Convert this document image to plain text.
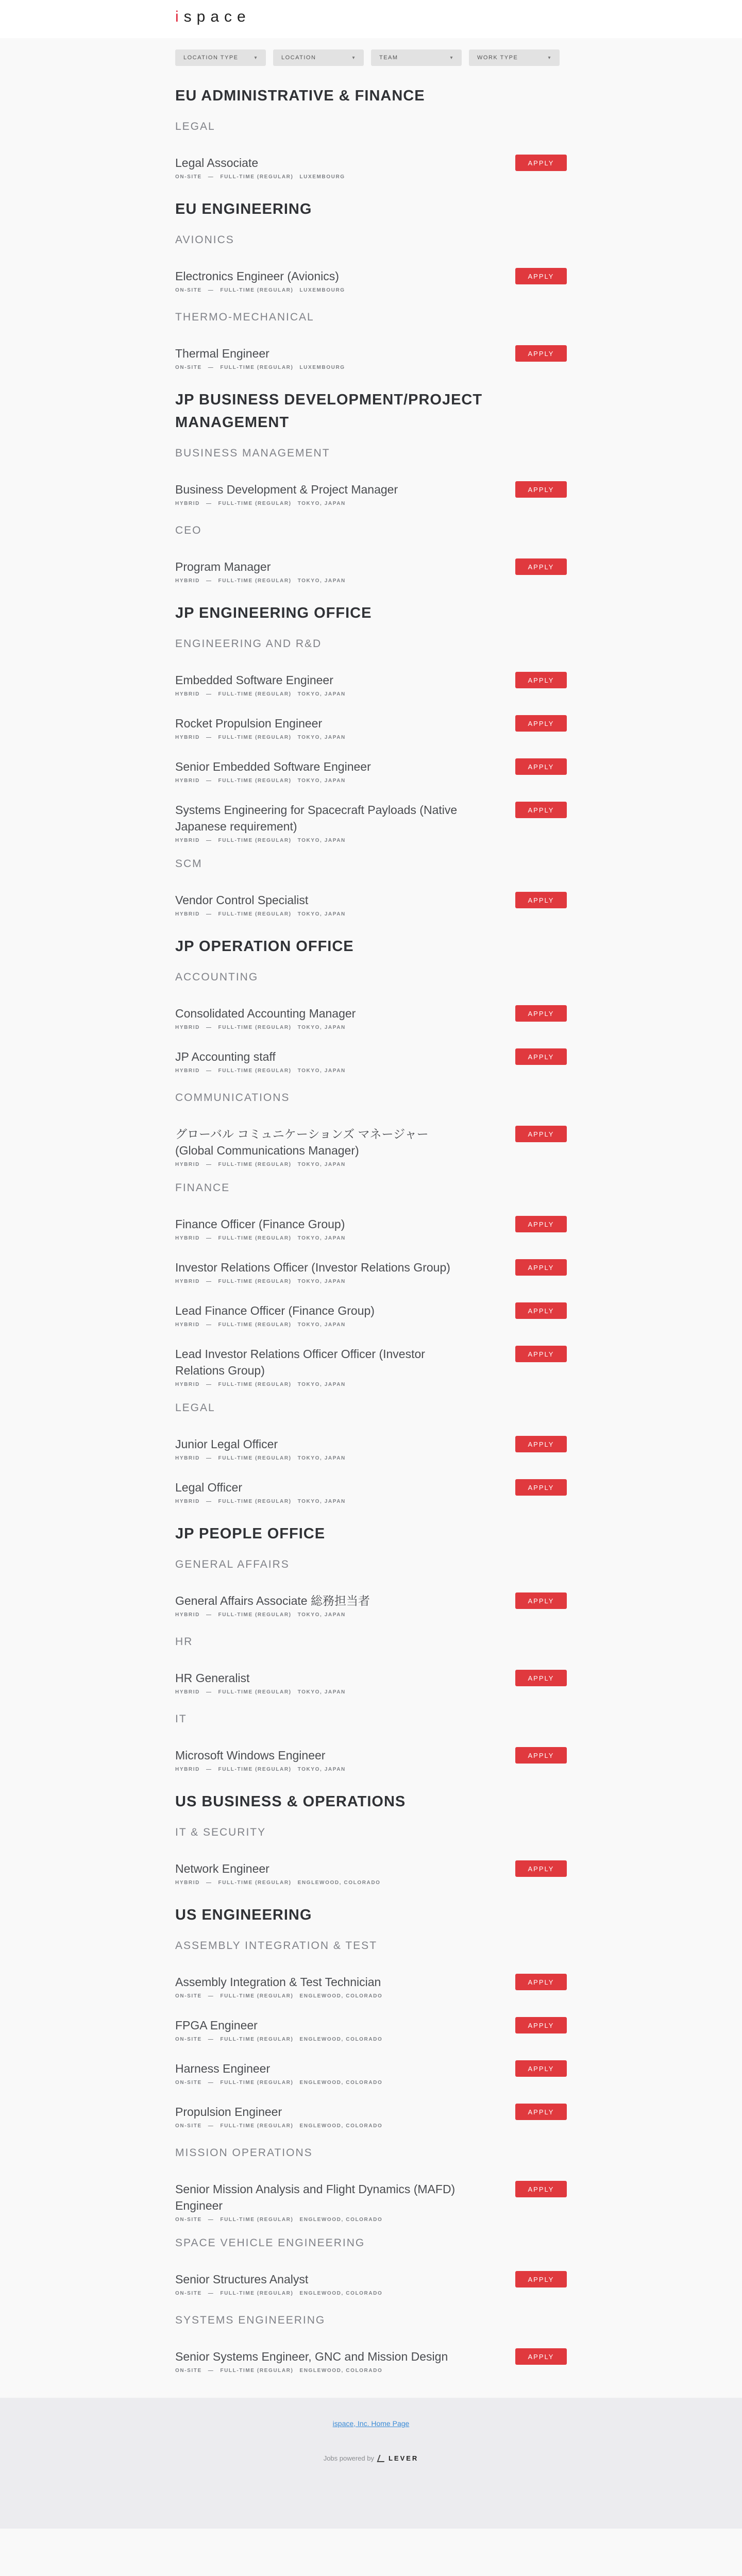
ispace
LOCATION TYPE	▾	LOCATION	▾	TEAM	▾	WORK TYPE	▾
EU ADMINISTRATIVE & FINANCE
LEGAL
Legal Associate
ON-SITE — FULL-TIME (REGULAR) LUXEMBOURG
APPLY
EU ENGINEERING
AVIONICS
Electronics Engineer (Avionics)
ON-SITE — FULL-TIME (REGULAR) LUXEMBOURG
APPLY
THERMO-MECHANICAL
Thermal Engineer
ON-SITE — FULL-TIME (REGULAR) LUXEMBOURG
APPLY
JP BUSINESS DEVELOPMENT/PROJECT MANAGEMENT
BUSINESS MANAGEMENT
Business Development & Project Manager
HYBRID — FULL-TIME (REGULAR) TOKYO, JAPAN
APPLY
CEO
Program Manager
HYBRID — FULL-TIME (REGULAR) TOKYO, JAPAN
APPLY
JP ENGINEERING OFFICE
ENGINEERING AND R&D
Embedded Software Engineer
HYBRID — FULL-TIME (REGULAR) TOKYO, JAPAN
APPLY
Rocket Propulsion Engineer
HYBRID — FULL-TIME (REGULAR) TOKYO, JAPAN
APPLY
Senior Embedded Software Engineer
HYBRID — FULL-TIME (REGULAR) TOKYO, JAPAN
APPLY
Systems Engineering for Spacecraft Payloads (Native Japanese requirement)
HYBRID — FULL-TIME (REGULAR) TOKYO, JAPAN
APPLY
SCM
Vendor Control Specialist
HYBRID — FULL-TIME (REGULAR) TOKYO, JAPAN
APPLY
JP OPERATION OFFICE
ACCOUNTING
Consolidated Accounting Manager
HYBRID — FULL-TIME (REGULAR) TOKYO, JAPAN
APPLY
JP Accounting staff
HYBRID — FULL-TIME (REGULAR) TOKYO, JAPAN
APPLY
COMMUNICATIONS
グローバル コミュニケーションズ マネージャー (Global Communications Manager)
HYBRID — FULL-TIME (REGULAR) TOKYO, JAPAN
APPLY
FINANCE
Finance Officer (Finance Group)
HYBRID — FULL-TIME (REGULAR) TOKYO, JAPAN
APPLY
Investor Relations Officer (Investor Relations Group)
HYBRID — FULL-TIME (REGULAR) TOKYO, JAPAN
APPLY
Lead Finance Officer (Finance Group)
HYBRID — FULL-TIME (REGULAR) TOKYO, JAPAN
APPLY
Lead Investor Relations Officer Officer (Investor Relations Group)
HYBRID — FULL-TIME (REGULAR) TOKYO, JAPAN
APPLY
LEGAL
Junior Legal Officer
HYBRID — FULL-TIME (REGULAR) TOKYO, JAPAN
APPLY
Legal Officer
HYBRID — FULL-TIME (REGULAR) TOKYO, JAPAN
APPLY
JP PEOPLE OFFICE
GENERAL AFFAIRS
General Affairs Associate 総務担当者
HYBRID — FULL-TIME (REGULAR) TOKYO, JAPAN
APPLY
HR
HR Generalist
HYBRID — FULL-TIME (REGULAR) TOKYO, JAPAN
APPLY
IT
Microsoft Windows Engineer
HYBRID — FULL-TIME (REGULAR) TOKYO, JAPAN
APPLY
US BUSINESS & OPERATIONS
IT & SECURITY
Network Engineer
HYBRID — FULL-TIME (REGULAR) ENGLEWOOD, COLORADO
APPLY
US ENGINEERING
ASSEMBLY INTEGRATION & TEST
Assembly Integration & Test Technician
ON-SITE — FULL-TIME (REGULAR) ENGLEWOOD, COLORADO
APPLY
FPGA Engineer
ON-SITE — FULL-TIME (REGULAR) ENGLEWOOD, COLORADO
APPLY
Harness Engineer
ON-SITE — FULL-TIME (REGULAR) ENGLEWOOD, COLORADO
APPLY
Propulsion Engineer
ON-SITE — FULL-TIME (REGULAR) ENGLEWOOD, COLORADO
APPLY
MISSION OPERATIONS
Senior Mission Analysis and Flight Dynamics (MAFD) Engineer
ON-SITE — FULL-TIME (REGULAR) ENGLEWOOD, COLORADO
APPLY
SPACE VEHICLE ENGINEERING
Senior Structures Analyst
ON-SITE — FULL-TIME (REGULAR) ENGLEWOOD, COLORADO
APPLY
SYSTEMS ENGINEERING
Senior Systems Engineer, GNC and Mission Design
ON-SITE — FULL-TIME (REGULAR) ENGLEWOOD, COLORADO
APPLY
ispace, Inc. Home Page
Jobs powered by LEVER
